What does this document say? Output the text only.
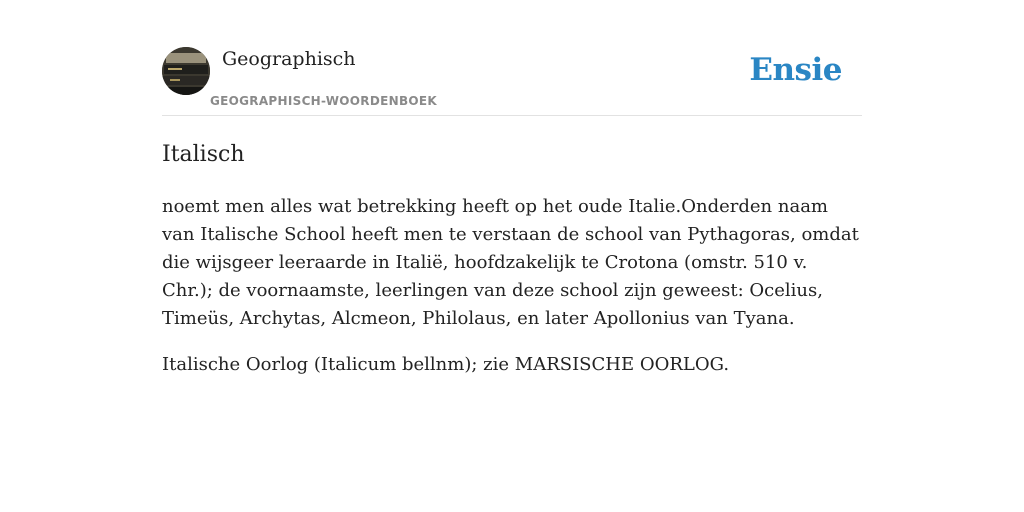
Geographisch
GEOGRAPHISCH-WOORDENBOEK
Ensie
Italisch

noemt men alles wat betrekking heeft op het oude Italie.Onderden naam van Italische School heeft men te verstaan de school van Pythagoras, omdat die wijsgeer leeraarde in Italië, hoofdzakelijk te Crotona (omstr. 510 v. Chr.); de voornaamste, leerlingen van deze school zijn geweest: Ocelius, Timeüs, Archytas, Alcmeon, Philolaus, en later Apollonius van Tyana.

Italische Oorlog (Italicum bellnm); zie MARSISCHE OORLOG.
